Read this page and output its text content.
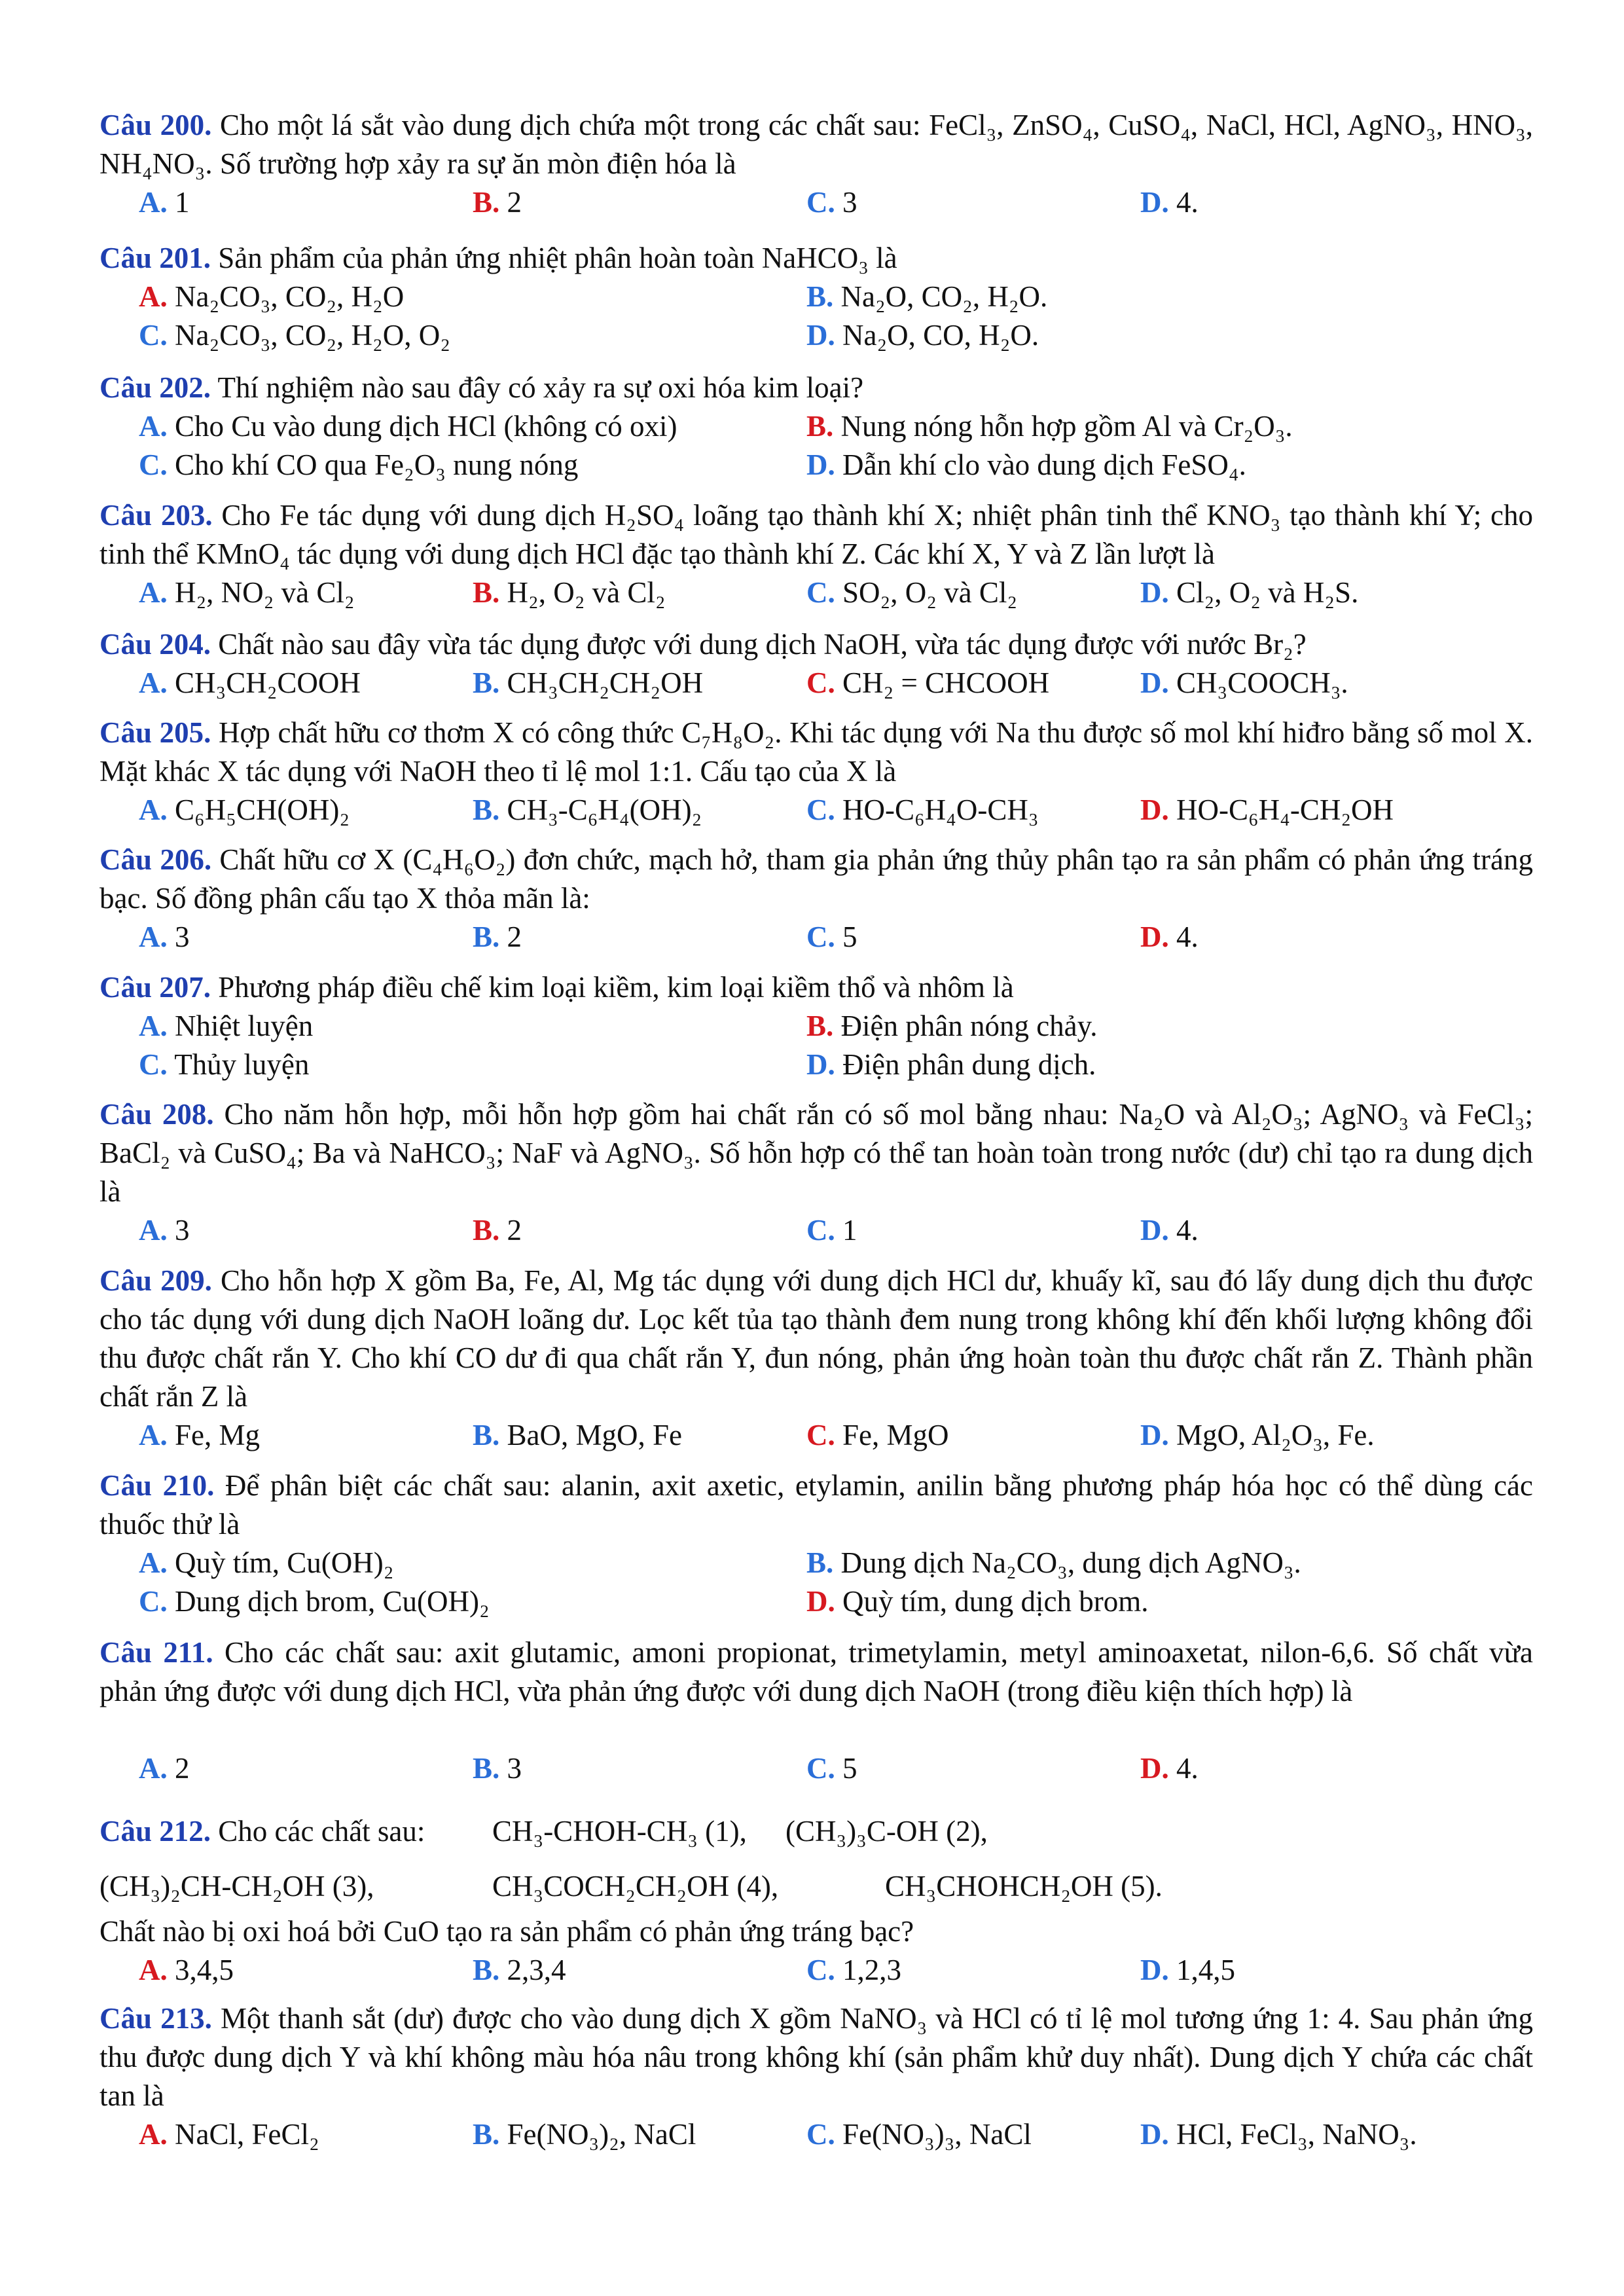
Câu 200. Cho một lá sắt vào dung dịch chứa một trong các chất sau: FeCl₃, ZnSO₄, CuSO₄, NaCl, HCl, AgNO₃, HNO₃, NH₄NO₃. Số trường hợp xảy ra sự ăn mòn điện hóa là
A. 1	B. 2	C. 3	D. 4.
Câu 201. Sản phẩm của phản ứng nhiệt phân hoàn toàn NaHCO₃ là
A. Na₂CO₃, CO₂, H₂O	B. Na₂O, CO₂, H₂O.
C. Na₂CO₃, CO₂, H₂O, O₂	D. Na₂O, CO, H₂O.
Câu 202. Thí nghiệm nào sau đây có xảy ra sự oxi hóa kim loại?
A. Cho Cu vào dung dịch HCl (không có oxi)	B. Nung nóng hỗn hợp gồm Al và Cr₂O₃.
C. Cho khí CO qua Fe₂O₃ nung nóng	D. Dẫn khí clo vào dung dịch FeSO₄.
Câu 203. Cho Fe tác dụng với dung dịch H₂SO₄ loãng tạo thành khí X; nhiệt phân tinh thể KNO₃ tạo thành khí Y; cho tinh thể KMnO₄ tác dụng với dung dịch HCl đặc tạo thành khí Z. Các khí X, Y và Z lần lượt là
A. H₂, NO₂ và Cl₂	B. H₂, O₂ và Cl₂	C. SO₂, O₂ và Cl₂	D. Cl₂, O₂ và H₂S.
Câu 204. Chất nào sau đây vừa tác dụng được với dung dịch NaOH, vừa tác dụng được với nước Br₂?
A. CH₃CH₂COOH	B. CH₃CH₂CH₂OH	C. CH₂ = CHCOOH	D. CH₃COOCH₃.
Câu 205. Hợp chất hữu cơ thơm X có công thức C₇H₈O₂. Khi tác dụng với Na thu được số mol khí hiđro bằng số mol X. Mặt khác X tác dụng với NaOH theo tỉ lệ mol 1:1. Cấu tạo của X là
A. C₆H₅CH(OH)₂	B. CH₃-C₆H₄(OH)₂	C. HO-C₆H₄O-CH₃	D. HO-C₆H₄-CH₂OH
Câu 206. Chất hữu cơ X (C₄H₆O₂) đơn chức, mạch hở, tham gia phản ứng thủy phân tạo ra sản phẩm có phản ứng tráng bạc. Số đồng phân cấu tạo X thỏa mãn là:
A. 3	B. 2	C. 5	D. 4.
Câu 207. Phương pháp điều chế kim loại kiềm, kim loại kiềm thổ và nhôm là
A. Nhiệt luyện	B. Điện phân nóng chảy.
C. Thủy luyện	D. Điện phân dung dịch.
Câu 208. Cho năm hỗn hợp, mỗi hỗn hợp gồm hai chất rắn có số mol bằng nhau: Na₂O và Al₂O₃; AgNO₃ và FeCl₃; BaCl₂ và CuSO₄; Ba và NaHCO₃; NaF và AgNO₃. Số hỗn hợp có thể tan hoàn toàn trong nước (dư) chỉ tạo ra dung dịch là
A. 3	B. 2	C. 1	D. 4.
Câu 209. Cho hỗn hợp X gồm Ba, Fe, Al, Mg tác dụng với dung dịch HCl dư, khuấy kĩ, sau đó lấy dung dịch thu được cho tác dụng với dung dịch NaOH loãng dư. Lọc kết tủa tạo thành đem nung trong không khí đến khối lượng không đổi thu được chất rắn Y. Cho khí CO dư đi qua chất rắn Y, đun nóng, phản ứng hoàn toàn thu được chất rắn Z. Thành phần chất rắn Z là
A. Fe, Mg	B. BaO, MgO, Fe	C. Fe, MgO	D. MgO, Al₂O₃, Fe.
Câu 210. Để phân biệt các chất sau: alanin, axit axetic, etylamin, anilin bằng phương pháp hóa học có thể dùng các thuốc thử là
A. Quỳ tím, Cu(OH)₂	B. Dung dịch Na₂CO₃, dung dịch AgNO₃.
C. Dung dịch brom, Cu(OH)₂	D. Quỳ tím, dung dịch brom.
Câu 211. Cho các chất sau: axit glutamic, amoni propionat, trimetylamin, metyl aminoaxetat, nilon-6,6. Số chất vừa phản ứng được với dung dịch HCl, vừa phản ứng được với dung dịch NaOH (trong điều kiện thích hợp) là
A. 2	B. 3	C. 5	D. 4.
Câu 212. Cho các chất sau: CH₃-CHOH-CH₃ (1), (CH₃)₃C-OH (2),
(CH₃)₂CH-CH₂OH (3),	CH₃COCH₂CH₂OH (4),	CH₃CHOHCH₂OH (5).
Chất nào bị oxi hoá bởi CuO tạo ra sản phẩm có phản ứng tráng bạc?
A. 3,4,5	B. 2,3,4	C. 1,2,3	D. 1,4,5
Câu 213. Một thanh sắt (dư) được cho vào dung dịch X gồm NaNO₃ và HCl có tỉ lệ mol tương ứng 1: 4. Sau phản ứng thu được dung dịch Y và khí không màu hóa nâu trong không khí (sản phẩm khử duy nhất). Dung dịch Y chứa các chất tan là
A. NaCl, FeCl₂	B. Fe(NO₃)₂, NaCl	C. Fe(NO₃)₃, NaCl	D. HCl, FeCl₃, NaNO₃.
